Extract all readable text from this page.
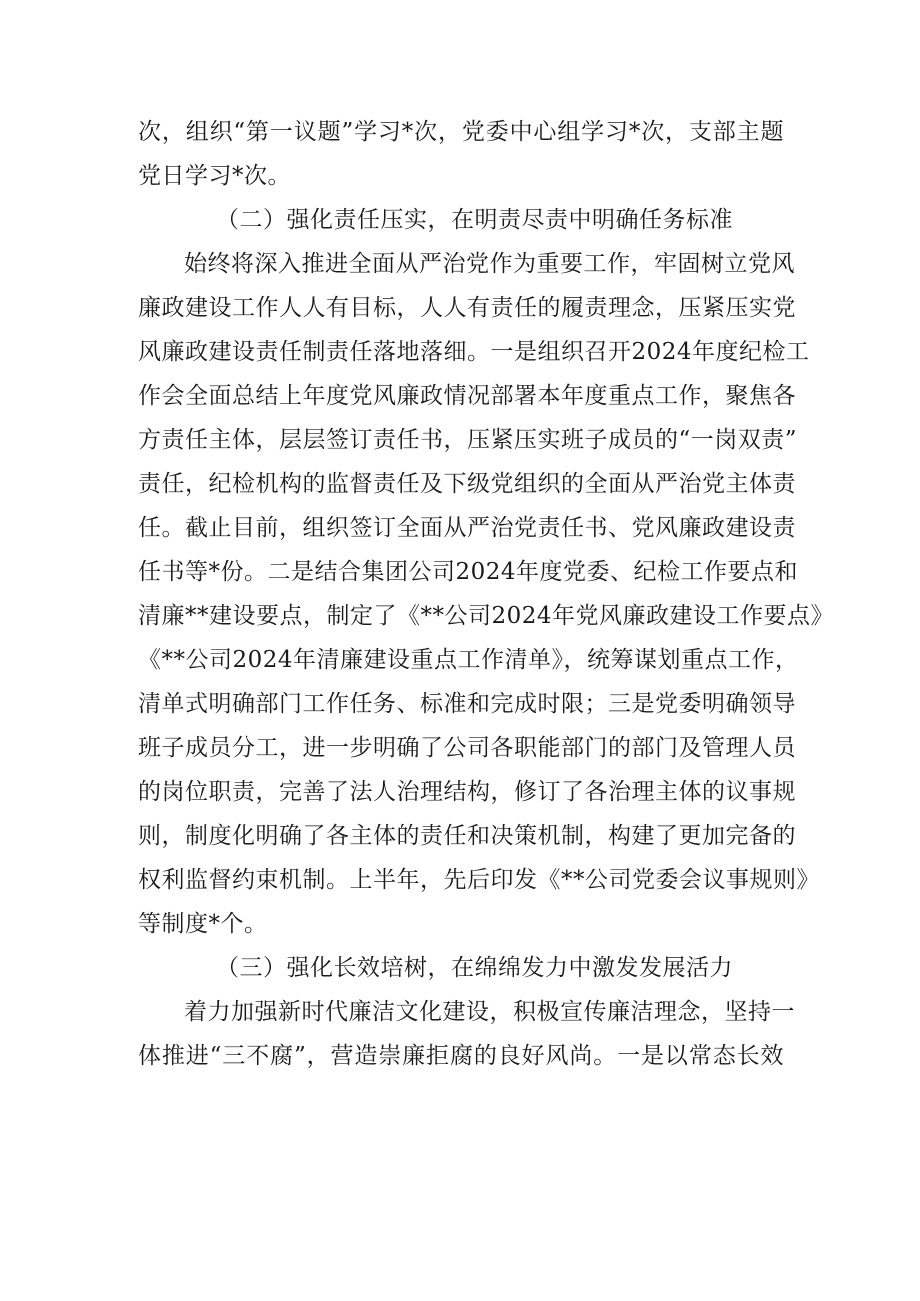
次，组织“第一议题”学习*次，党委中心组学习*次，支部主题
党日学习*次。
（二）强化责任压实，在明责尽责中明确任务标准
始终将深入推进全面从严治党作为重要工作，牢固树立党风
廉政建设工作人人有目标，人人有责任的履责理念，压紧压实党
风廉政建设责任制责任落地落细。一是组织召开2024年度纪检工
作会全面总结上年度党风廉政情况部署本年度重点工作，聚焦各
方责任主体，层层签订责任书，压紧压实班子成员的“一岗双责”
责任，纪检机构的监督责任及下级党组织的全面从严治党主体责
任。截止目前，组织签订全面从严治党责任书、党风廉政建设责
任书等*份。二是结合集团公司2024年度党委、纪检工作要点和
清廉**建设要点，制定了《**公司2024年党风廉政建设工作要点》
《**公司2024年清廉建设重点工作清单》，统筹谋划重点工作，
清单式明确部门工作任务、标准和完成时限；三是党委明确领导
班子成员分工，进一步明确了公司各职能部门的部门及管理人员
的岗位职责，完善了法人治理结构，修订了各治理主体的议事规
则，制度化明确了各主体的责任和决策机制，构建了更加完备的
权利监督约束机制。上半年，先后印发《**公司党委会议事规则》
等制度*个。
（三）强化长效培树，在绵绵发力中激发发展活力
着力加强新时代廉洁文化建设，积极宣传廉洁理念，坚持一
体推进“三不腐”，营造崇廉拒腐的良好风尚。一是以常态长效
